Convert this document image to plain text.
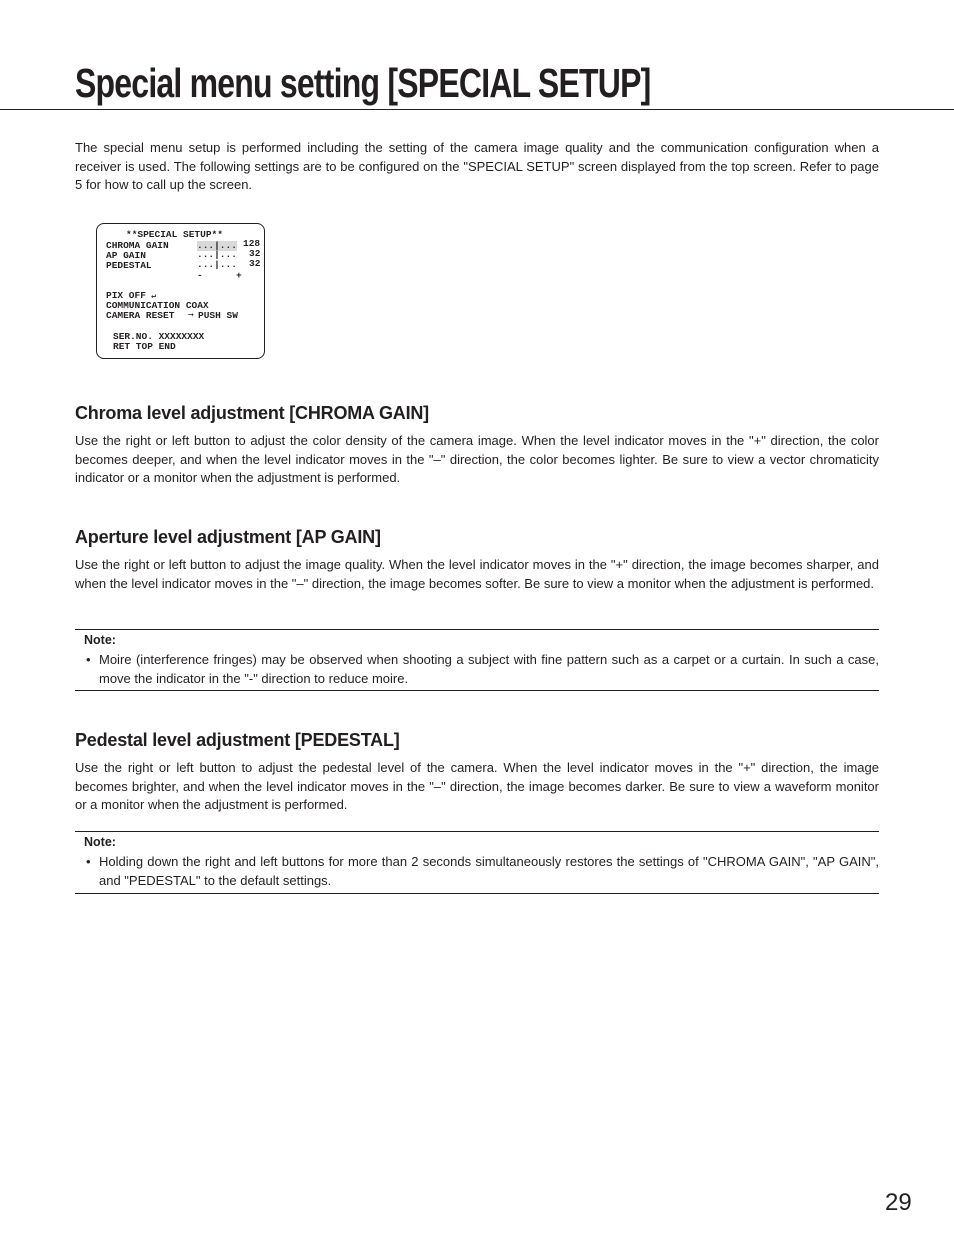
Special menu setting [SPECIAL SETUP]

The special menu setup is performed including the setting of the camera image quality and the communication configuration when a receiver is used. The following settings are to be configured on the "SPECIAL SETUP" screen displayed from the top screen. Refer to page 5 for how to call up the screen.

**SPECIAL SETUP**
CHROMA GAIN	...|... 128
AP GAIN	...|... 32
PEDESTAL	...|... 32
-	+
PIX OFF ↵
COMMUNICATION COAX
CAMERA RESET ➞ PUSH SW
SER.NO. XXXXXXXX
RET TOP END
Chroma level adjustment [CHROMA GAIN]

Use the right or left button to adjust the color density of the camera image. When the level indicator moves in the "+" direction, the color becomes deeper, and when the level indicator moves in the "–" direction, the color becomes lighter. Be sure to view a vector chromaticity indicator or a monitor when the adjustment is performed.

Aperture level adjustment [AP GAIN]

Use the right or left button to adjust the image quality. When the level indicator moves in the "+" direction, the image becomes sharper, and when the level indicator moves in the "–" direction, the image becomes softer. Be sure to view a monitor when the adjustment is performed.

Note:

• Moire (interference fringes) may be observed when shooting a subject with fine pattern such as a carpet or a curtain. In such a case, move the indicator in the "-" direction to reduce moire.

Pedestal level adjustment [PEDESTAL]

Use the right or left button to adjust the pedestal level of the camera. When the level indicator moves in the "+" direction, the image becomes brighter, and when the level indicator moves in the "–" direction, the image becomes darker. Be sure to view a waveform monitor or a monitor when the adjustment is performed.

Note:

• Holding down the right and left buttons for more than 2 seconds simultaneously restores the settings of "CHROMA GAIN", "AP GAIN", and "PEDESTAL" to the default settings.

29
